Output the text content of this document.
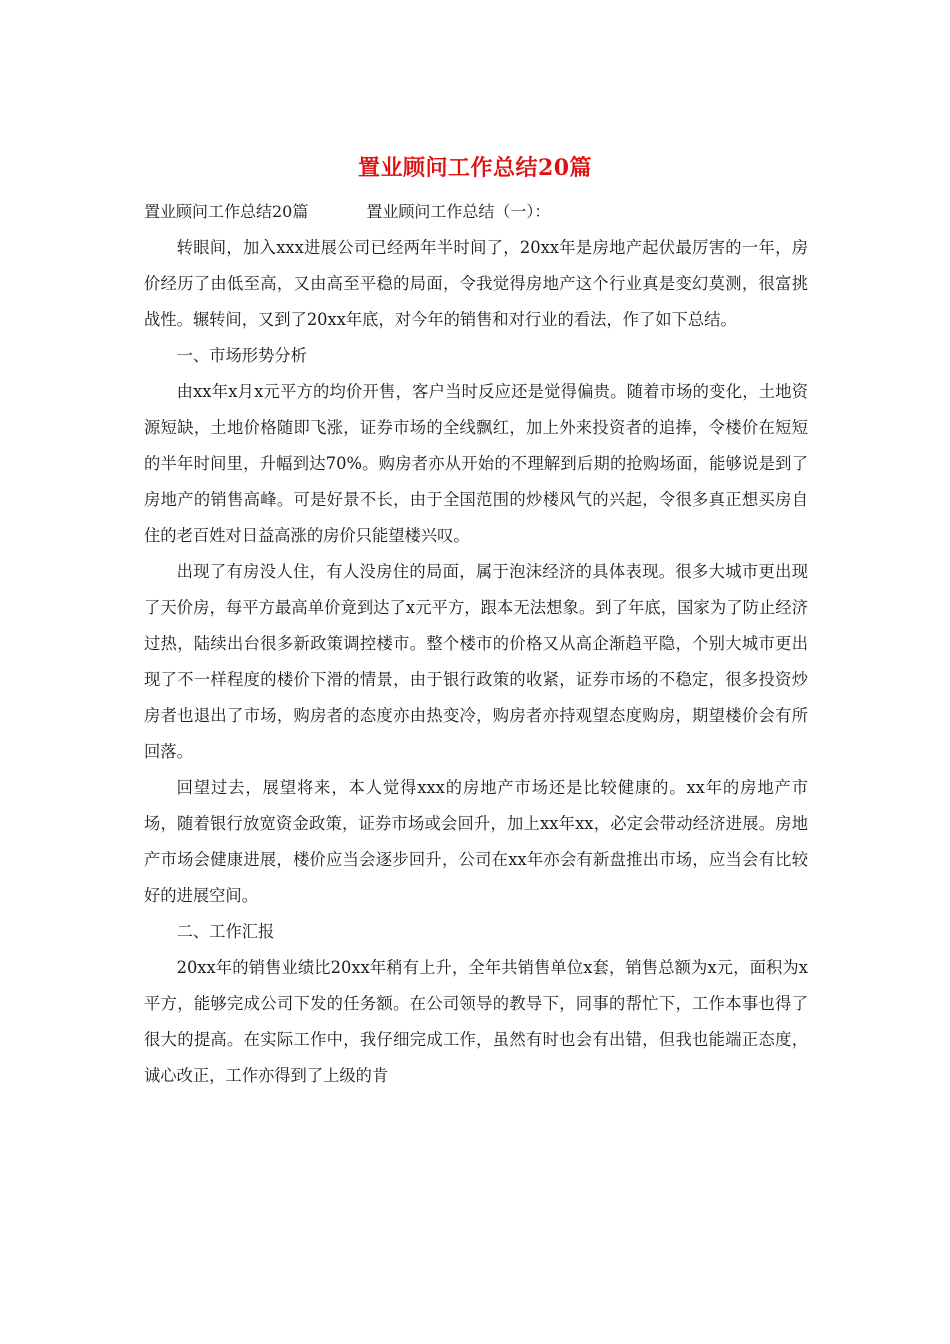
置业顾问工作总结20篇
置业顾问工作总结20篇	置业顾问工作总结（一）：

转眼间，加入xxx进展公司已经两年半时间了，20xx年是房地产起伏最厉害的一年，房价经历了由低至高，又由高至平稳的局面，令我觉得房地产这个行业真是变幻莫测，很富挑战性。辗转间，又到了20xx年底，对今年的销售和对行业的看法，作了如下总结。

一、市场形势分析

由xx年x月x元平方的均价开售，客户当时反应还是觉得偏贵。随着市场的变化，土地资源短缺，土地价格随即飞涨，证券市场的全线飘红，加上外来投资者的追捧，令楼价在短短的半年时间里，升幅到达70%。购房者亦从开始的不理解到后期的抢购场面，能够说是到了房地产的销售高峰。可是好景不长，由于全国范围的炒楼风气的兴起，令很多真正想买房自住的老百姓对日益高涨的房价只能望楼兴叹。

出现了有房没人住，有人没房住的局面，属于泡沫经济的具体表现。很多大城市更出现了天价房，每平方最高单价竟到达了x元平方，跟本无法想象。到了年底，国家为了防止经济过热，陆续出台很多新政策调控楼市。整个楼市的价格又从高企渐趋平隐，个别大城市更出现了不一样程度的楼价下滑的情景，由于银行政策的收紧，证券市场的不稳定，很多投资炒房者也退出了市场，购房者的态度亦由热变冷，购房者亦持观望态度购房，期望楼价会有所回落。

回望过去，展望将来，本人觉得xxx的房地产市场还是比较健康的。xx年的房地产市场，随着银行放宽资金政策，证券市场或会回升，加上xx年xx，必定会带动经济进展。房地产市场会健康进展，楼价应当会逐步回升，公司在xx年亦会有新盘推出市场，应当会有比较好的进展空间。

二、工作汇报

20xx年的销售业绩比20xx年稍有上升，全年共销售单位x套，销售总额为x元，面积为x平方，能够完成公司下发的任务额。在公司领导的教导下，同事的帮忙下，工作本事也得了很大的提高。在实际工作中，我仔细完成工作，虽然有时也会有出错，但我也能端正态度，诚心改正，工作亦得到了上级的肯
